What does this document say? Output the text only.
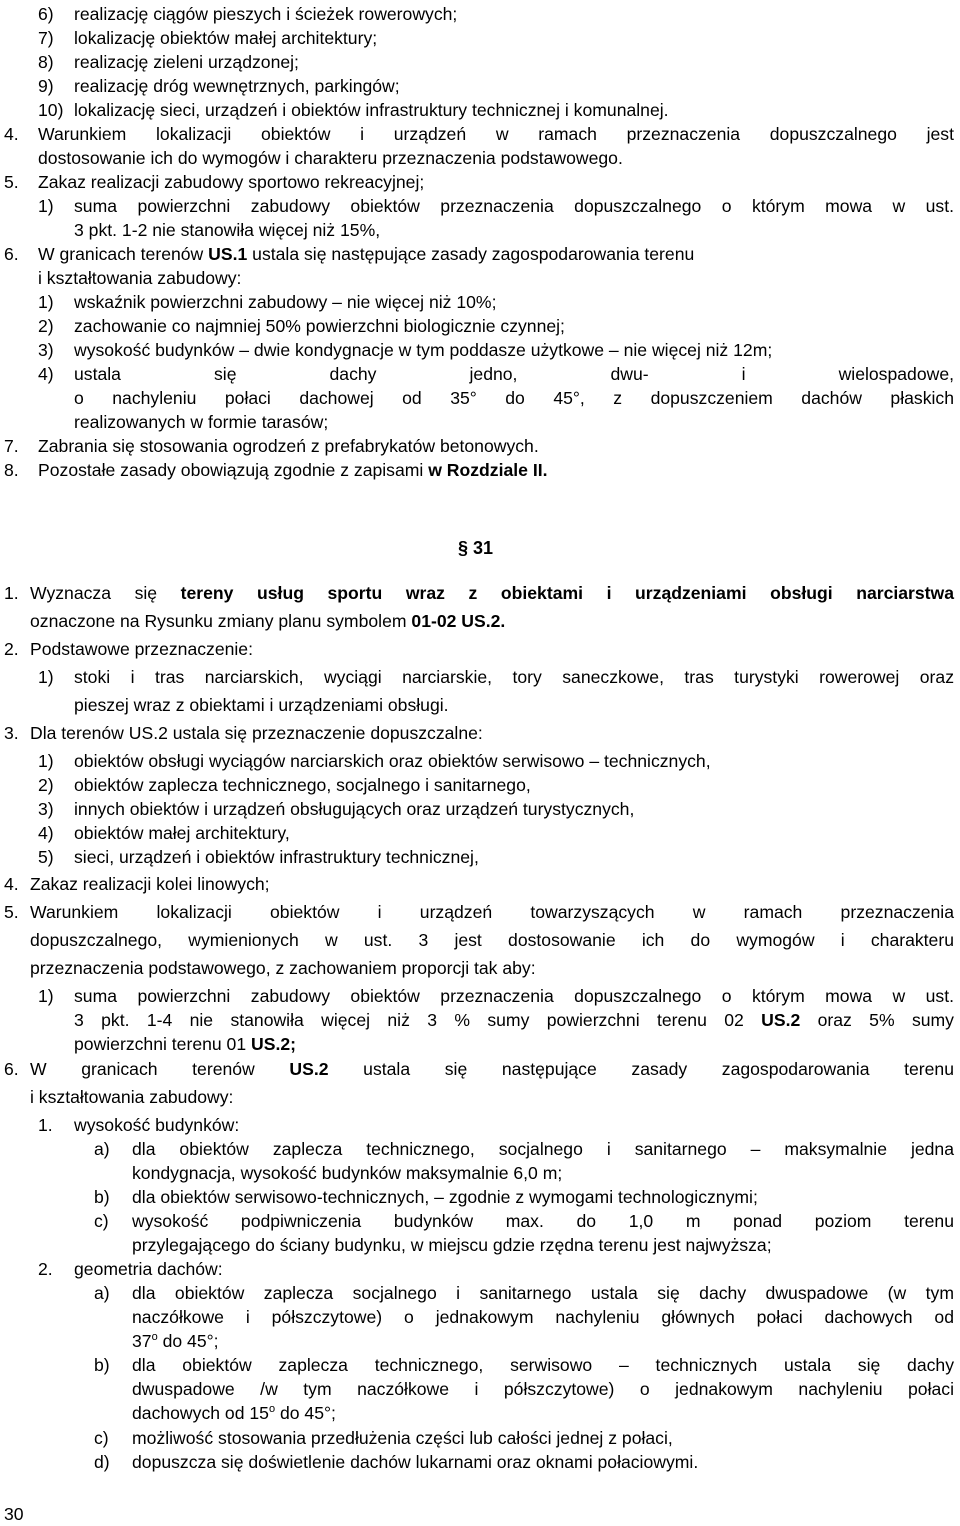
6) realizację ciągów pieszych i ścieżek rowerowych;
7) lokalizację obiektów małej architektury;
8) realizację zieleni urządzonej;
9) realizację dróg wewnętrznych, parkingów;
10) lokalizację sieci, urządzeń i obiektów infrastruktury technicznej i komunalnej.
4. Warunkiem lokalizacji obiektów i urządzeń w ramach przeznaczenia dopuszczalnego jest
dostosowanie ich do wymogów i charakteru przeznaczenia podstawowego.
5. Zakaz realizacji zabudowy sportowo rekreacyjnej;
1) suma powierzchni zabudowy obiektów przeznaczenia dopuszczalnego o którym mowa w ust.
3 pkt. 1-2 nie stanowiła więcej niż 15%,
6. W granicach terenów US.1 ustala się następujące zasady zagospodarowania terenu
i kształtowania zabudowy:
1) wskaźnik powierzchni zabudowy – nie więcej niż 10%;
2) zachowanie co najmniej 50% powierzchni biologicznie czynnej;
3) wysokość budynków – dwie kondygnacje w tym poddasze użytkowe – nie więcej niż 12m;
4) ustala się dachy jedno, dwu- i wielospadowe,
o nachyleniu połaci dachowej od 35° do 45°, z dopuszczeniem dachów płaskich
realizowanych w formie tarasów;
7. Zabrania się stosowania ogrodzeń z prefabrykatów betonowych.
8. Pozostałe zasady obowiązują zgodnie z zapisami w Rozdziale II.
§ 31
1. Wyznacza się tereny usług sportu wraz z obiektami i urządzeniami obsługi narciarstwa
oznaczone na Rysunku zmiany planu symbolem 01-02 US.2.
2. Podstawowe przeznaczenie:
1) stoki i tras narciarskich, wyciągi narciarskie, tory saneczkowe, tras turystyki rowerowej oraz
pieszej wraz z obiektami i urządzeniami obsługi.
3. Dla terenów US.2 ustala się przeznaczenie dopuszczalne:
1) obiektów obsługi wyciągów narciarskich oraz obiektów serwisowo – technicznych,
2) obiektów zaplecza technicznego, socjalnego i sanitarnego,
3) innych obiektów i urządzeń obsługujących oraz urządzeń turystycznych,
4) obiektów małej architektury,
5) sieci, urządzeń i obiektów infrastruktury technicznej,
4. Zakaz realizacji kolei linowych;
5. Warunkiem lokalizacji obiektów i urządzeń towarzyszących w ramach przeznaczenia
dopuszczalnego, wymienionych w ust. 3 jest dostosowanie ich do wymogów i charakteru
przeznaczenia podstawowego, z zachowaniem proporcji tak aby:
1) suma powierzchni zabudowy obiektów przeznaczenia dopuszczalnego o którym mowa w ust.
3 pkt. 1-4 nie stanowiła więcej niż 3 % sumy powierzchni terenu 02 US.2 oraz 5% sumy
powierzchni terenu 01 US.2;
6. W granicach terenów US.2 ustala się następujące zasady zagospodarowania terenu
i kształtowania zabudowy:
1. wysokość budynków:
a) dla obiektów zaplecza technicznego, socjalnego i sanitarnego – maksymalnie jedna
kondygnacja, wysokość budynków maksymalnie 6,0 m;
b) dla obiektów serwisowo-technicznych, – zgodnie z wymogami technologicznymi;
c) wysokość podpiwniczenia budynków max. do 1,0 m ponad poziom terenu
przylegającego do ściany budynku, w miejscu gdzie rzędna terenu jest najwyższa;
2. geometria dachów:
a) dla obiektów zaplecza socjalnego i sanitarnego ustala się dachy dwuspadowe (w tym
naczółkowe i półszczytowe) o jednakowym nachyleniu głównych połaci dachowych od
37$^o$ do 45°;
b) dla obiektów zaplecza technicznego, serwisowo – technicznych ustala się dachy
dwuspadowe /w tym naczółkowe i półszczytowe) o jednakowym nachyleniu połaci
dachowych od 15$^o$ do 45°;
c) możliwość stosowania przedłużenia części lub całości jednej z połaci,
d) dopuszcza się doświetlenie dachów lukarnami oraz oknami połaciowymi.
30
